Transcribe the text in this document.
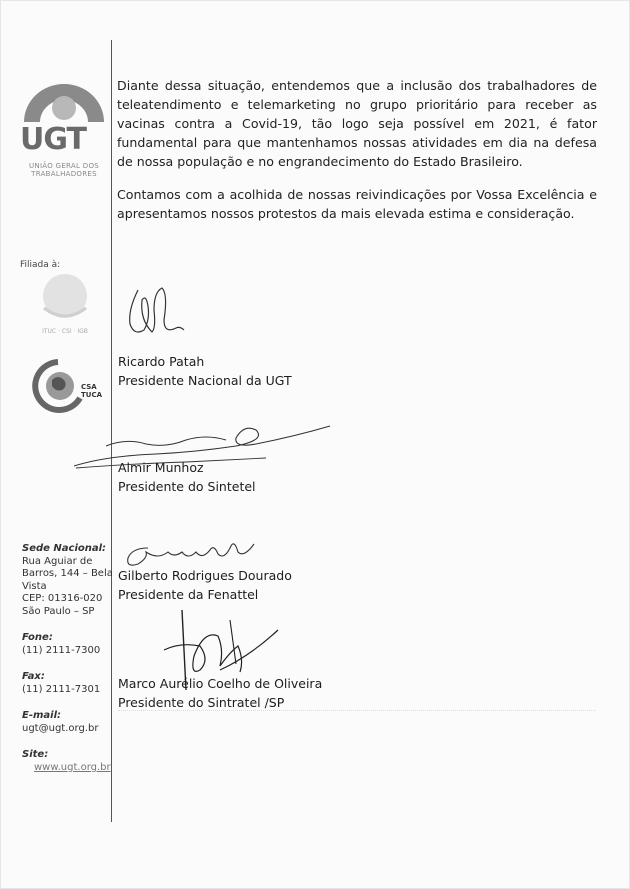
UGT
UNIÃO GERAL DOS
TRABALHADORES
Filiada à:
ITUC · CSI · IGB
CSA
TUCA
Sede Nacional:
Rua Aguiar de
Barros, 144 – Bela
Vista
CEP: 01316-020
São Paulo – SP
Fone:
(11) 2111-7300
Fax:
(11) 2111-7301
E-mail:
ugt@ugt.org.br
Site:
www.ugt.org.br
Diante dessa situação, entendemos que a inclusão dos trabalhadores de teleatendimento e telemarketing no grupo prioritário para receber as vacinas contra a Covid-19, tão logo seja possível em 2021, é fator fundamental para que mantenhamos nossas atividades em dia na defesa de nossa população e no engrandecimento do Estado Brasileiro.
Contamos com a acolhida de nossas reivindicações por Vossa Excelência e apresentamos nossos protestos da mais elevada estima e consideração.
Ricardo Patah
Presidente Nacional da UGT
Almir Munhoz
Presidente do Sintetel
Gilberto Rodrigues Dourado
Presidente da Fenattel
Marco Aurélio Coelho de Oliveira
Presidente do Sintratel /SP
